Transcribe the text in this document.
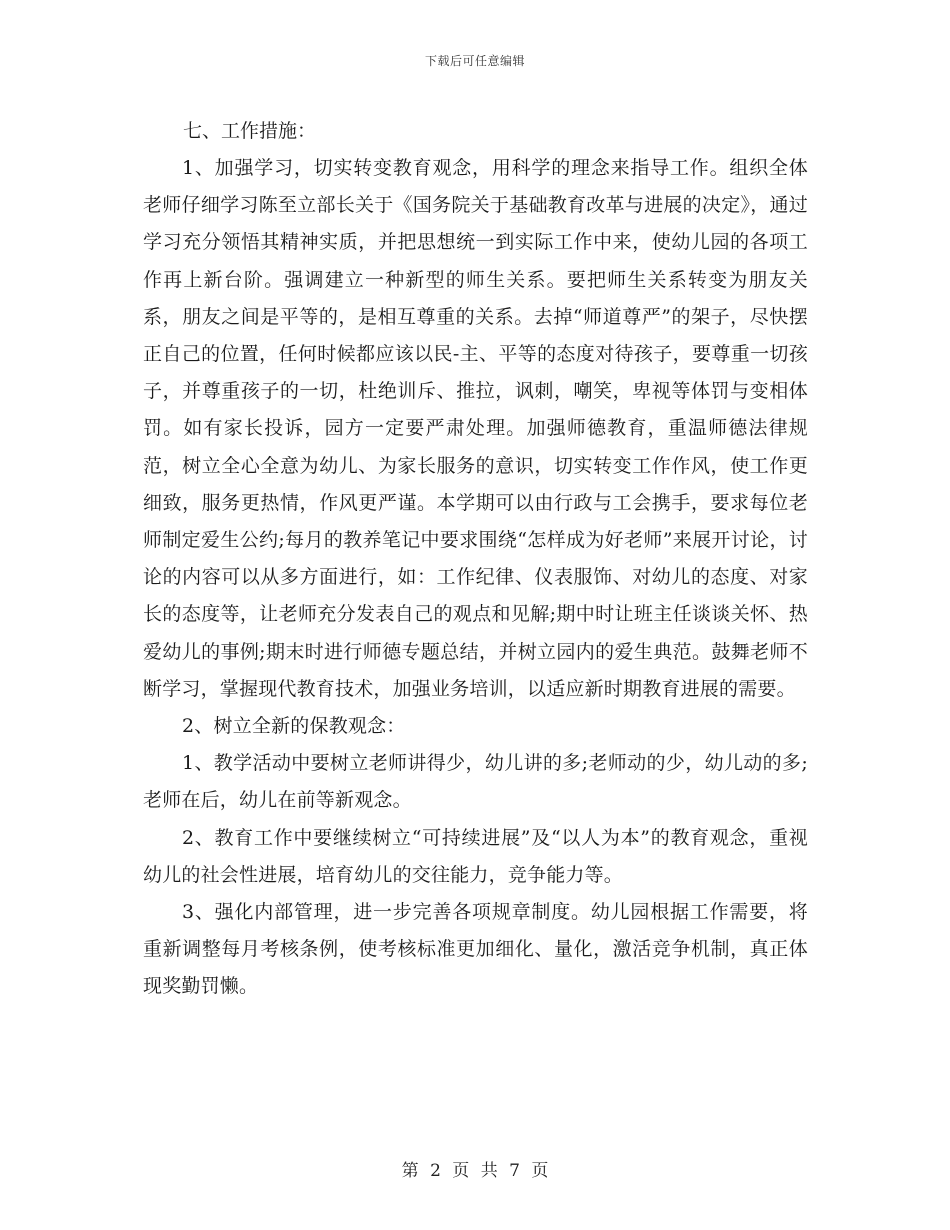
下载后可任意编辑

七、工作措施：

1、加强学习，切实转变教育观念，用科学的理念来指导工作。组织全体老师仔细学习陈至立部长关于《国务院关于基础教育改革与进展的决定》，通过学习充分领悟其精神实质，并把思想统一到实际工作中来，使幼儿园的各项工作再上新台阶。强调建立一种新型的师生关系。要把师生关系转变为朋友关系，朋友之间是平等的，是相互尊重的关系。去掉“师道尊严”的架子，尽快摆正自己的位置，任何时候都应该以民-主、平等的态度对待孩子，要尊重一切孩子，并尊重孩子的一切，杜绝训斥、推拉，讽刺，嘲笑，卑视等体罚与变相体罚。如有家长投诉，园方一定要严肃处理。加强师德教育，重温师德法律规范，树立全心全意为幼儿、为家长服务的意识，切实转变工作作风，使工作更细致，服务更热情，作风更严谨。本学期可以由行政与工会携手，要求每位老师制定爱生公约;每月的教养笔记中要求围绕“怎样成为好老师”来展开讨论，讨论的内容可以从多方面进行，如：工作纪律、仪表服饰、对幼儿的态度、对家长的态度等，让老师充分发表自己的观点和见解;期中时让班主任谈谈关怀、热爱幼儿的事例;期末时进行师德专题总结，并树立园内的爱生典范。鼓舞老师不断学习，掌握现代教育技术，加强业务培训，以适应新时期教育进展的需要。

2、树立全新的保教观念：

1、教学活动中要树立老师讲得少，幼儿讲的多;老师动的少，幼儿动的多;老师在后，幼儿在前等新观念。

2、教育工作中要继续树立“可持续进展”及“以人为本”的教育观念，重视幼儿的社会性进展，培育幼儿的交往能力，竞争能力等。

3、强化内部管理，进一步完善各项规章制度。幼儿园根据工作需要，将重新调整每月考核条例，使考核标准更加细化、量化，激活竞争机制，真正体现奖勤罚懒。

第 2 页 共 7 页
